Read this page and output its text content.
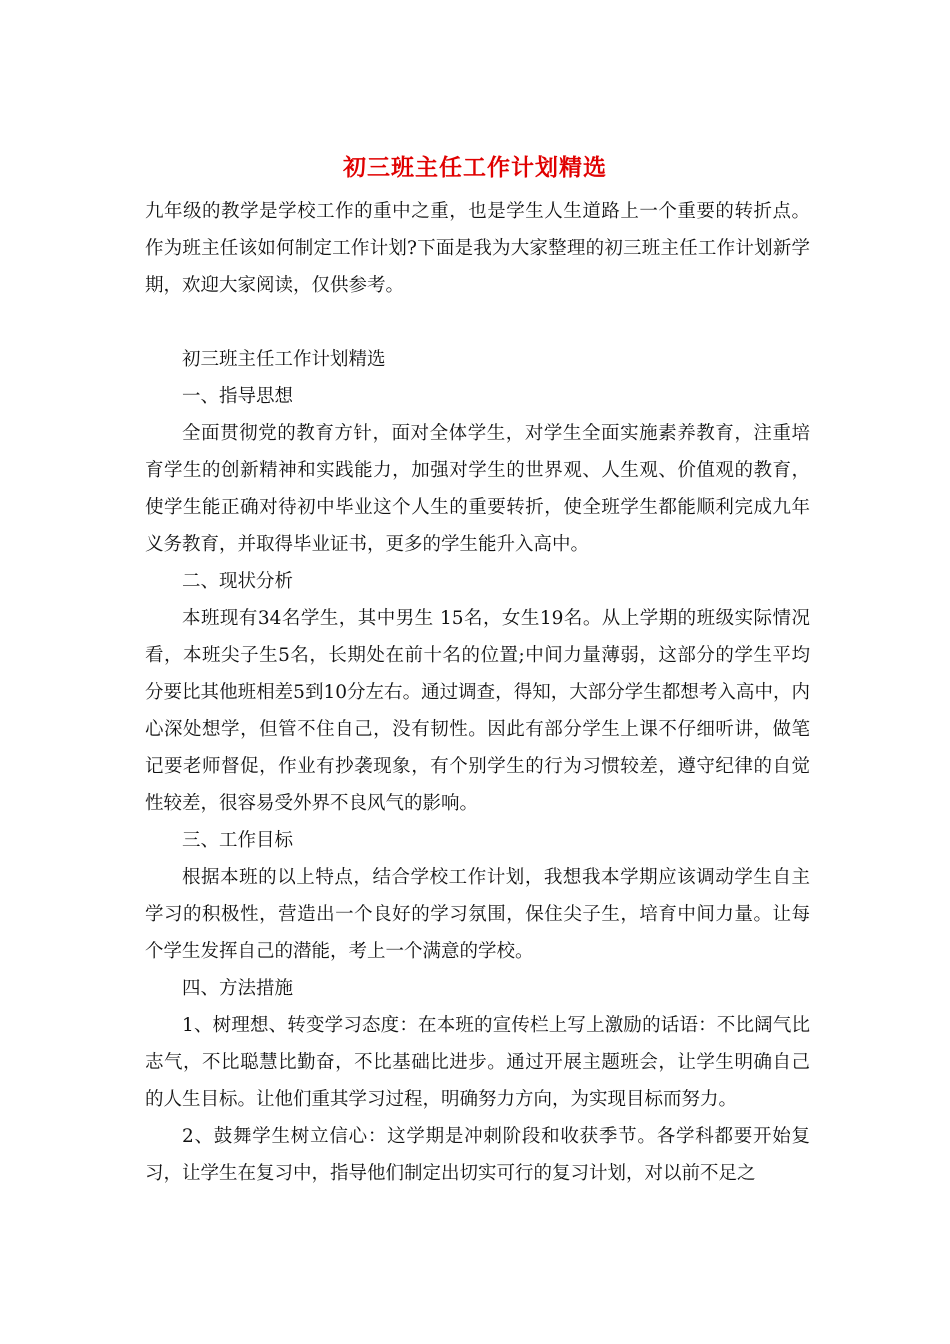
初三班主任工作计划精选

九年级的教学是学校工作的重中之重，也是学生人生道路上一个重要的转折点。作为班主任该如何制定工作计划?下面是我为大家整理的初三班主任工作计划新学期，欢迎大家阅读，仅供参考。

初三班主任工作计划精选

一、指导思想

全面贯彻党的教育方针，面对全体学生，对学生全面实施素养教育，注重培育学生的创新精神和实践能力，加强对学生的世界观、人生观、价值观的教育，使学生能正确对待初中毕业这个人生的重要转折，使全班学生都能顺利完成九年义务教育，并取得毕业证书，更多的学生能升入高中。

二、现状分析

本班现有34名学生，其中男生 15名，女生19名。从上学期的班级实际情况看，本班尖子生5名，长期处在前十名的位置;中间力量薄弱，这部分的学生平均分要比其他班相差5到10分左右。通过调查，得知，大部分学生都想考入高中，内心深处想学，但管不住自己，没有韧性。因此有部分学生上课不仔细听讲，做笔记要老师督促，作业有抄袭现象，有个别学生的行为习惯较差，遵守纪律的自觉性较差，很容易受外界不良风气的影响。

三、工作目标

根据本班的以上特点，结合学校工作计划，我想我本学期应该调动学生自主学习的积极性，营造出一个良好的学习氛围，保住尖子生，培育中间力量。让每个学生发挥自己的潜能，考上一个满意的学校。

四、方法措施

1、树理想、转变学习态度：在本班的宣传栏上写上激励的话语：不比阔气比志气，不比聪慧比勤奋，不比基础比进步。通过开展主题班会，让学生明确自己的人生目标。让他们重其学习过程，明确努力方向，为实现目标而努力。

2、鼓舞学生树立信心：这学期是冲刺阶段和收获季节。各学科都要开始复习，让学生在复习中，指导他们制定出切实可行的复习计划，对以前不足之
